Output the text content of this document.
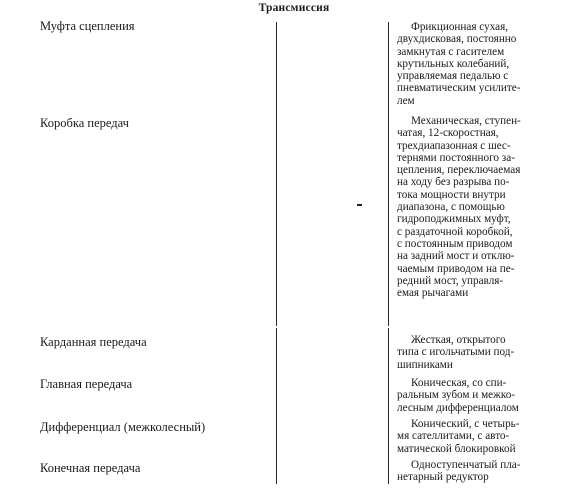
Трансмиссия
Муфта сцепления	Фрикционная сухая,
двухдисковая, постоянно
замкнутая с гасителем
крутильных колебаний,
управляемая педалью с
пневматическим усилите-
лем
Коробка передач	Механическая, ступен-
чатая, 12-скоростная,
трехдиапазонная с шес-
тернями постоянного за-
цепления, переключаемая
на ходу без разрыва по-
тока мощности внутри
диапазона, с помощью
гидроподжимных муфт,
с раздаточной коробкой,
с постоянным приводом
на задний мост и отклю-
чаемым приводом на пе-
редний мост, управля-
емая рычагами
Карданная передача	Жесткая, открытого
типа с игольчатыми под-
шипниками
Главная передача	Коническая, со спи-
ральным зубом и межко-
лесным дифференциалом
Дифференциал (межколесный)	Конический, с четырь-
мя сателлитами, с авто-
матической блокировкой
Конечная передача	Одноступенчатый пла-
нетарный редуктор
